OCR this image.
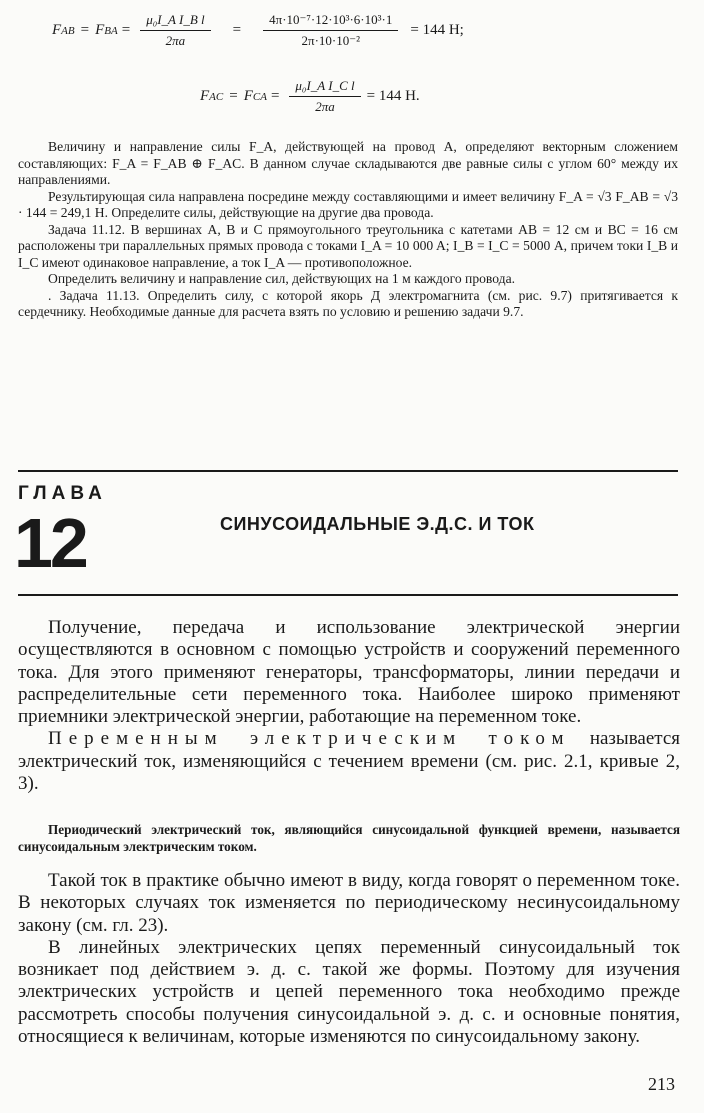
F AB = F BA = $\frac{\text{μ₀I\_A I\_B l}}{2\pi a} = \frac{\text{4π·10⁻⁷·12·10³·6·10³·1}}{\text{2π·10·10⁻²}} = 144$ Н;
F AC = F CA = $\frac{\text{μ₀I\_A I\_C l}}{2\pi a} = 144$ Н.

Величину и направление силы F_A, действующей на провод A, определяют векторным сложением составляющих: F_A = F_AB ⊕ F_AC. В данном случае складываются две равные силы с углом 60° между их направлениями.

Результирующая сила направлена посредине между составляющими и имеет величину F_A = √3 F_AB = √3 · 144 = 249,1 Н. Определите силы, действующие на другие два провода.

Задача 11.12. В вершинах A, B и C прямоугольного треугольника с катетами AB = 12 см и BC = 16 см расположены три параллельных прямых провода с токами I_A = 10 000 A; I_B = I_C = 5000 А, причем токи I_B и I_C имеют одинаковое направление, а ток I_A — противоположное.

Определить величину и направление сил, действующих на 1 м каждого провода.

. Задача 11.13. Определить силу, с которой якорь Д электромагнита (см. рис. 9.7) притягивается к сердечнику. Необходимые данные для расчета взять по условию и решению задачи 9.7.

ГЛАВА
12	СИНУСОИДАЛЬНЫЕ Э.Д.С. И ТОК

Получение, передача и использование электрической энергии осуществляются в основном с помощью устройств и сооружений переменного тока. Для этого применяют генераторы, трансформаторы, линии передачи и распределительные сети переменного тока. Наиболее широко применяют приемники электрической энергии, работающие на переменном токе.

Переменным электрическим током называется электрический ток, изменяющийся с течением времени (см. рис. 2.1, кривые 2, 3).

Периодический электрический ток, являющийся синусоидальной функцией времени, называется синусоидальным электрическим током.

Такой ток в практике обычно имеют в виду, когда говорят о переменном токе. В некоторых случаях ток изменяется по периодическому несинусоидальному закону (см. гл. 23).

В линейных электрических цепях переменный синусоидальный ток возникает под действием э. д. с. такой же формы. Поэтому для изучения электрических устройств и цепей переменного тока необходимо прежде рассмотреть способы получения синусоидальной э. д. с. и основные понятия, относящиеся к величинам, которые изменяются по синусоидальному закону.

213
